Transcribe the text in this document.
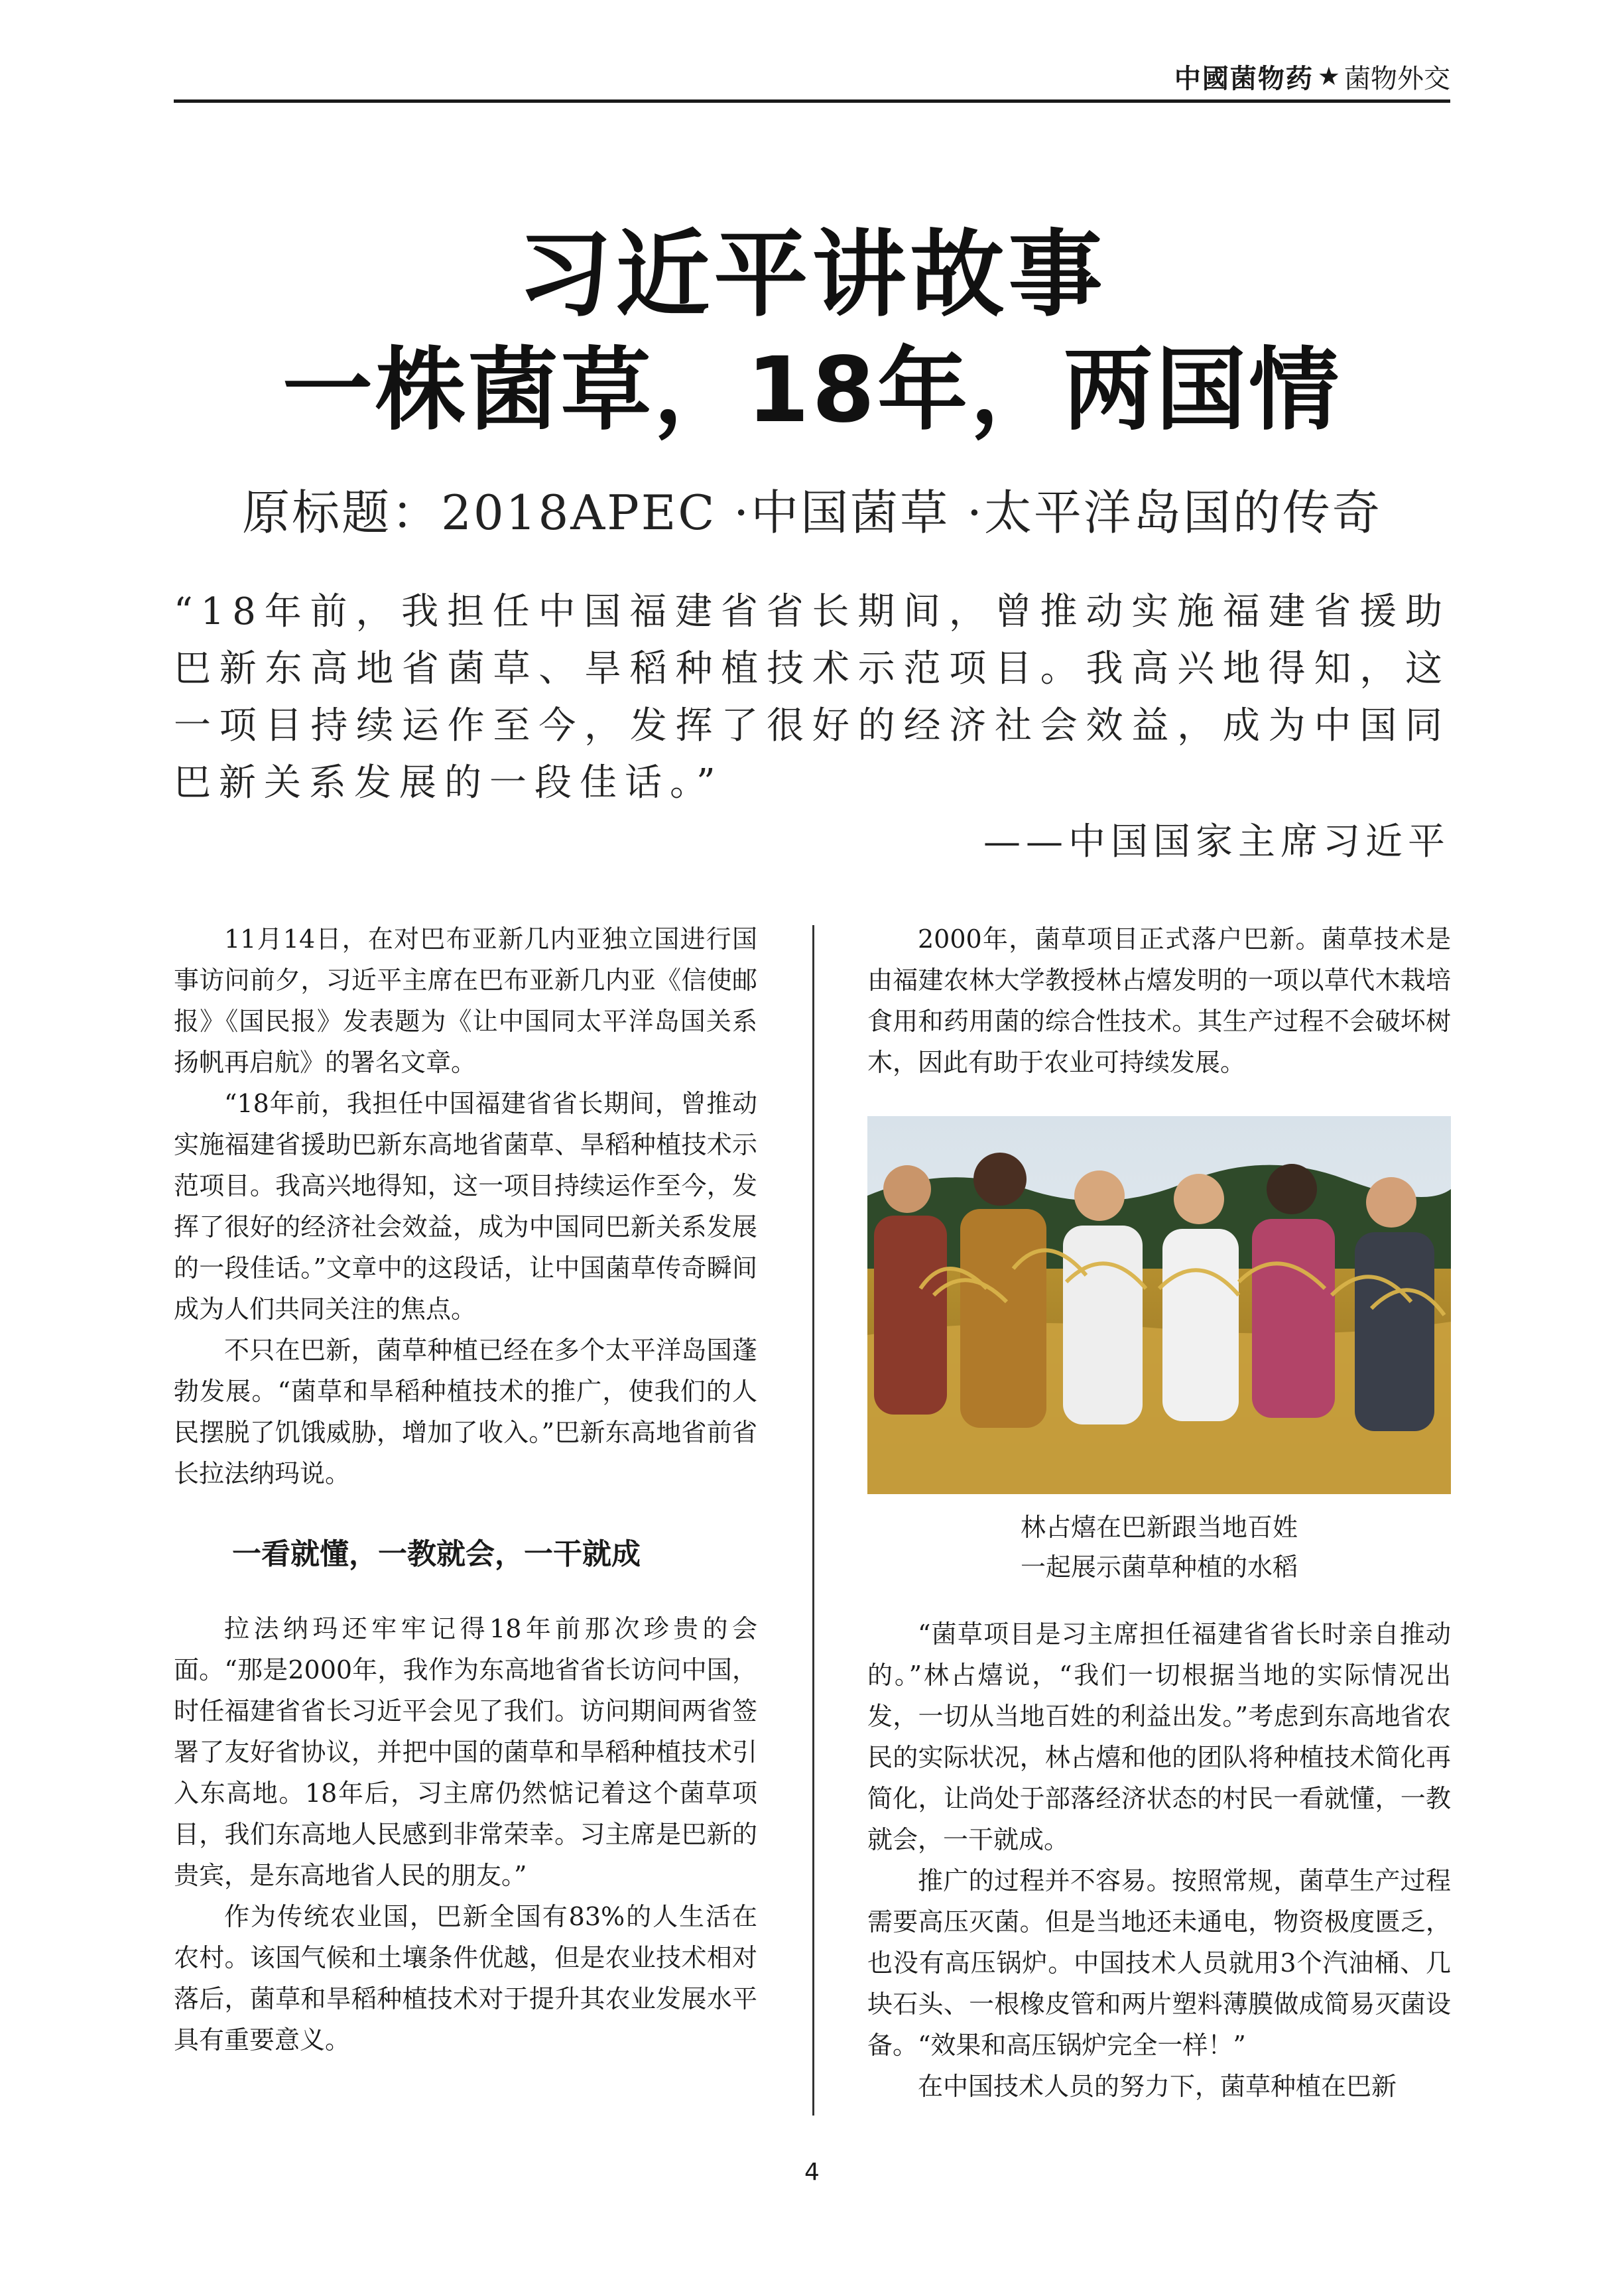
中國菌物药 ★ 菌物外交
习近平讲故事
一株菌草，18年，两国情
原标题：2018APEC ·中国菌草 ·太平洋岛国的传奇
“18年前，我担任中国福建省省长期间，曾推动实施福建省援助巴新东高地省菌草、旱稻种植技术示范项目。我高兴地得知，这一项目持续运作至今，发挥了很好的经济社会效益，成为中国同巴新关系发展的一段佳话。”
——中国国家主席习近平

11月14日，在对巴布亚新几内亚独立国进行国事访问前夕，习近平主席在巴布亚新几内亚《信使邮报》《国民报》发表题为《让中国同太平洋岛国关系扬帆再启航》的署名文章。

“18年前，我担任中国福建省省长期间，曾推动实施福建省援助巴新东高地省菌草、旱稻种植技术示范项目。我高兴地得知，这一项目持续运作至今，发挥了很好的经济社会效益，成为中国同巴新关系发展的一段佳话。”文章中的这段话，让中国菌草传奇瞬间成为人们共同关注的焦点。

不只在巴新，菌草种植已经在多个太平洋岛国蓬勃发展。“菌草和旱稻种植技术的推广，使我们的人民摆脱了饥饿威胁，增加了收入。”巴新东高地省前省长拉法纳玛说。

一看就懂，一教就会，一干就成

拉法纳玛还牢牢记得18年前那次珍贵的会面。“那是2000年，我作为东高地省省长访问中国，时任福建省省长习近平会见了我们。访问期间两省签署了友好省协议，并把中国的菌草和旱稻种植技术引入东高地。18年后，习主席仍然惦记着这个菌草项目，我们东高地人民感到非常荣幸。习主席是巴新的贵宾，是东高地省人民的朋友。”

作为传统农业国，巴新全国有83%的人生活在农村。该国气候和土壤条件优越，但是农业技术相对落后，菌草和旱稻种植技术对于提升其农业发展水平具有重要意义。

2000年，菌草项目正式落户巴新。菌草技术是由福建农林大学教授林占熺发明的一项以草代木栽培食用和药用菌的综合性技术。其生产过程不会破坏树木，因此有助于农业可持续发展。

林占熺在巴新跟当地百姓
一起展示菌草种植的水稻

“菌草项目是习主席担任福建省省长时亲自推动的。”林占熺说，“我们一切根据当地的实际情况出发，一切从当地百姓的利益出发。”考虑到东高地省农民的实际状况，林占熺和他的团队将种植技术简化再简化，让尚处于部落经济状态的村民一看就懂，一教就会，一干就成。

推广的过程并不容易。按照常规，菌草生产过程需要高压灭菌。但是当地还未通电，物资极度匮乏，也没有高压锅炉。中国技术人员就用3个汽油桶、几块石头、一根橡皮管和两片塑料薄膜做成简易灭菌设备。“效果和高压锅炉完全一样！”

在中国技术人员的努力下，菌草种植在巴新

4
